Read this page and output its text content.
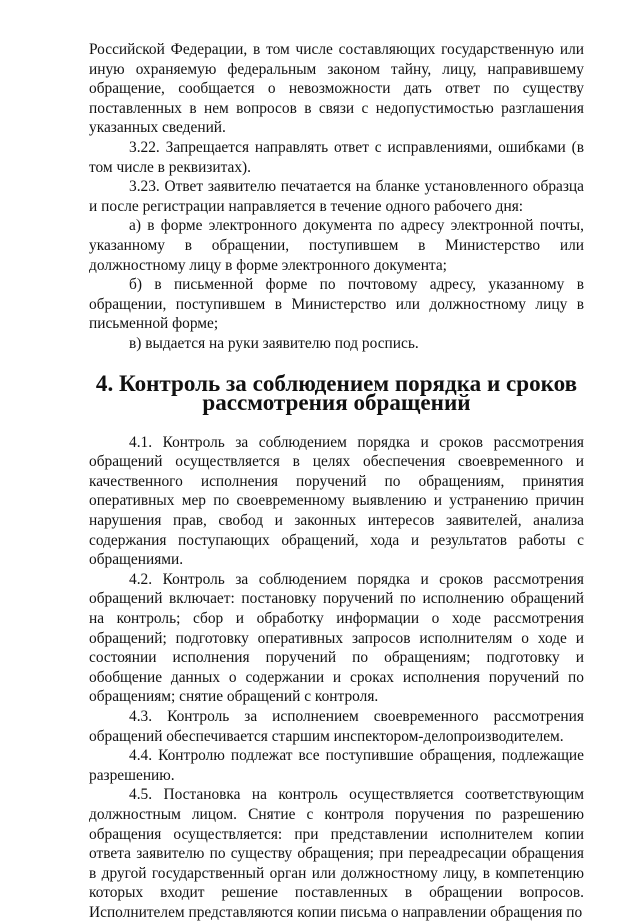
Российской Федерации, в том числе составляющих государственную или иную охраняемую федеральным законом тайну, лицу, направившему обращение, сообщается о невозможности дать ответ по существу поставленных в нем вопросов в связи с недопустимостью разглашения указанных сведений.

3.22. Запрещается направлять ответ с исправлениями, ошибками (в том числе в реквизитах).

3.23. Ответ заявителю печатается на бланке установленного образца и после регистрации направляется в течение одного рабочего дня:

а) в форме электронного документа по адресу электронной почты, указанному в обращении, поступившем в Министерство или должностному лицу в форме электронного документа;

б) в письменной форме по почтовому адресу, указанному в обращении, поступившем в Министерство или должностному лицу в письменной форме;

в) выдается на руки заявителю под роспись.

4. Контроль за соблюдением порядка и сроков рассмотрения обращений

4.1. Контроль за соблюдением порядка и сроков рассмотрения обращений осуществляется в целях обеспечения своевременного и качественного исполнения поручений по обращениям, принятия оперативных мер по своевременному выявлению и устранению причин нарушения прав, свобод и законных интересов заявителей, анализа содержания поступающих обращений, хода и результатов работы с обращениями.

4.2. Контроль за соблюдением порядка и сроков рассмотрения обращений включает: постановку поручений по исполнению обращений на контроль; сбор и обработку информации о ходе рассмотрения обращений; подготовку оперативных запросов исполнителям о ходе и состоянии исполнения поручений по обращениям; подготовку и обобщение данных о содержании и сроках исполнения поручений по обращениям; снятие обращений с контроля.

4.3. Контроль за исполнением своевременного рассмотрения обращений обеспечивается старшим инспектором-делопроизводителем.

4.4. Контролю подлежат все поступившие обращения, подлежащие разрешению.

4.5. Постановка на контроль осуществляется соответствующим должностным лицом. Снятие с контроля поручения по разрешению обращения осуществляется: при представлении исполнителем копии ответа заявителю по существу обращения; при переадресации обращения в другой государственный орган или должностному лицу, в компетенцию которых входит решение поставленных в обращении вопросов. Исполнителем представляются копии письма о направлении обращения по
